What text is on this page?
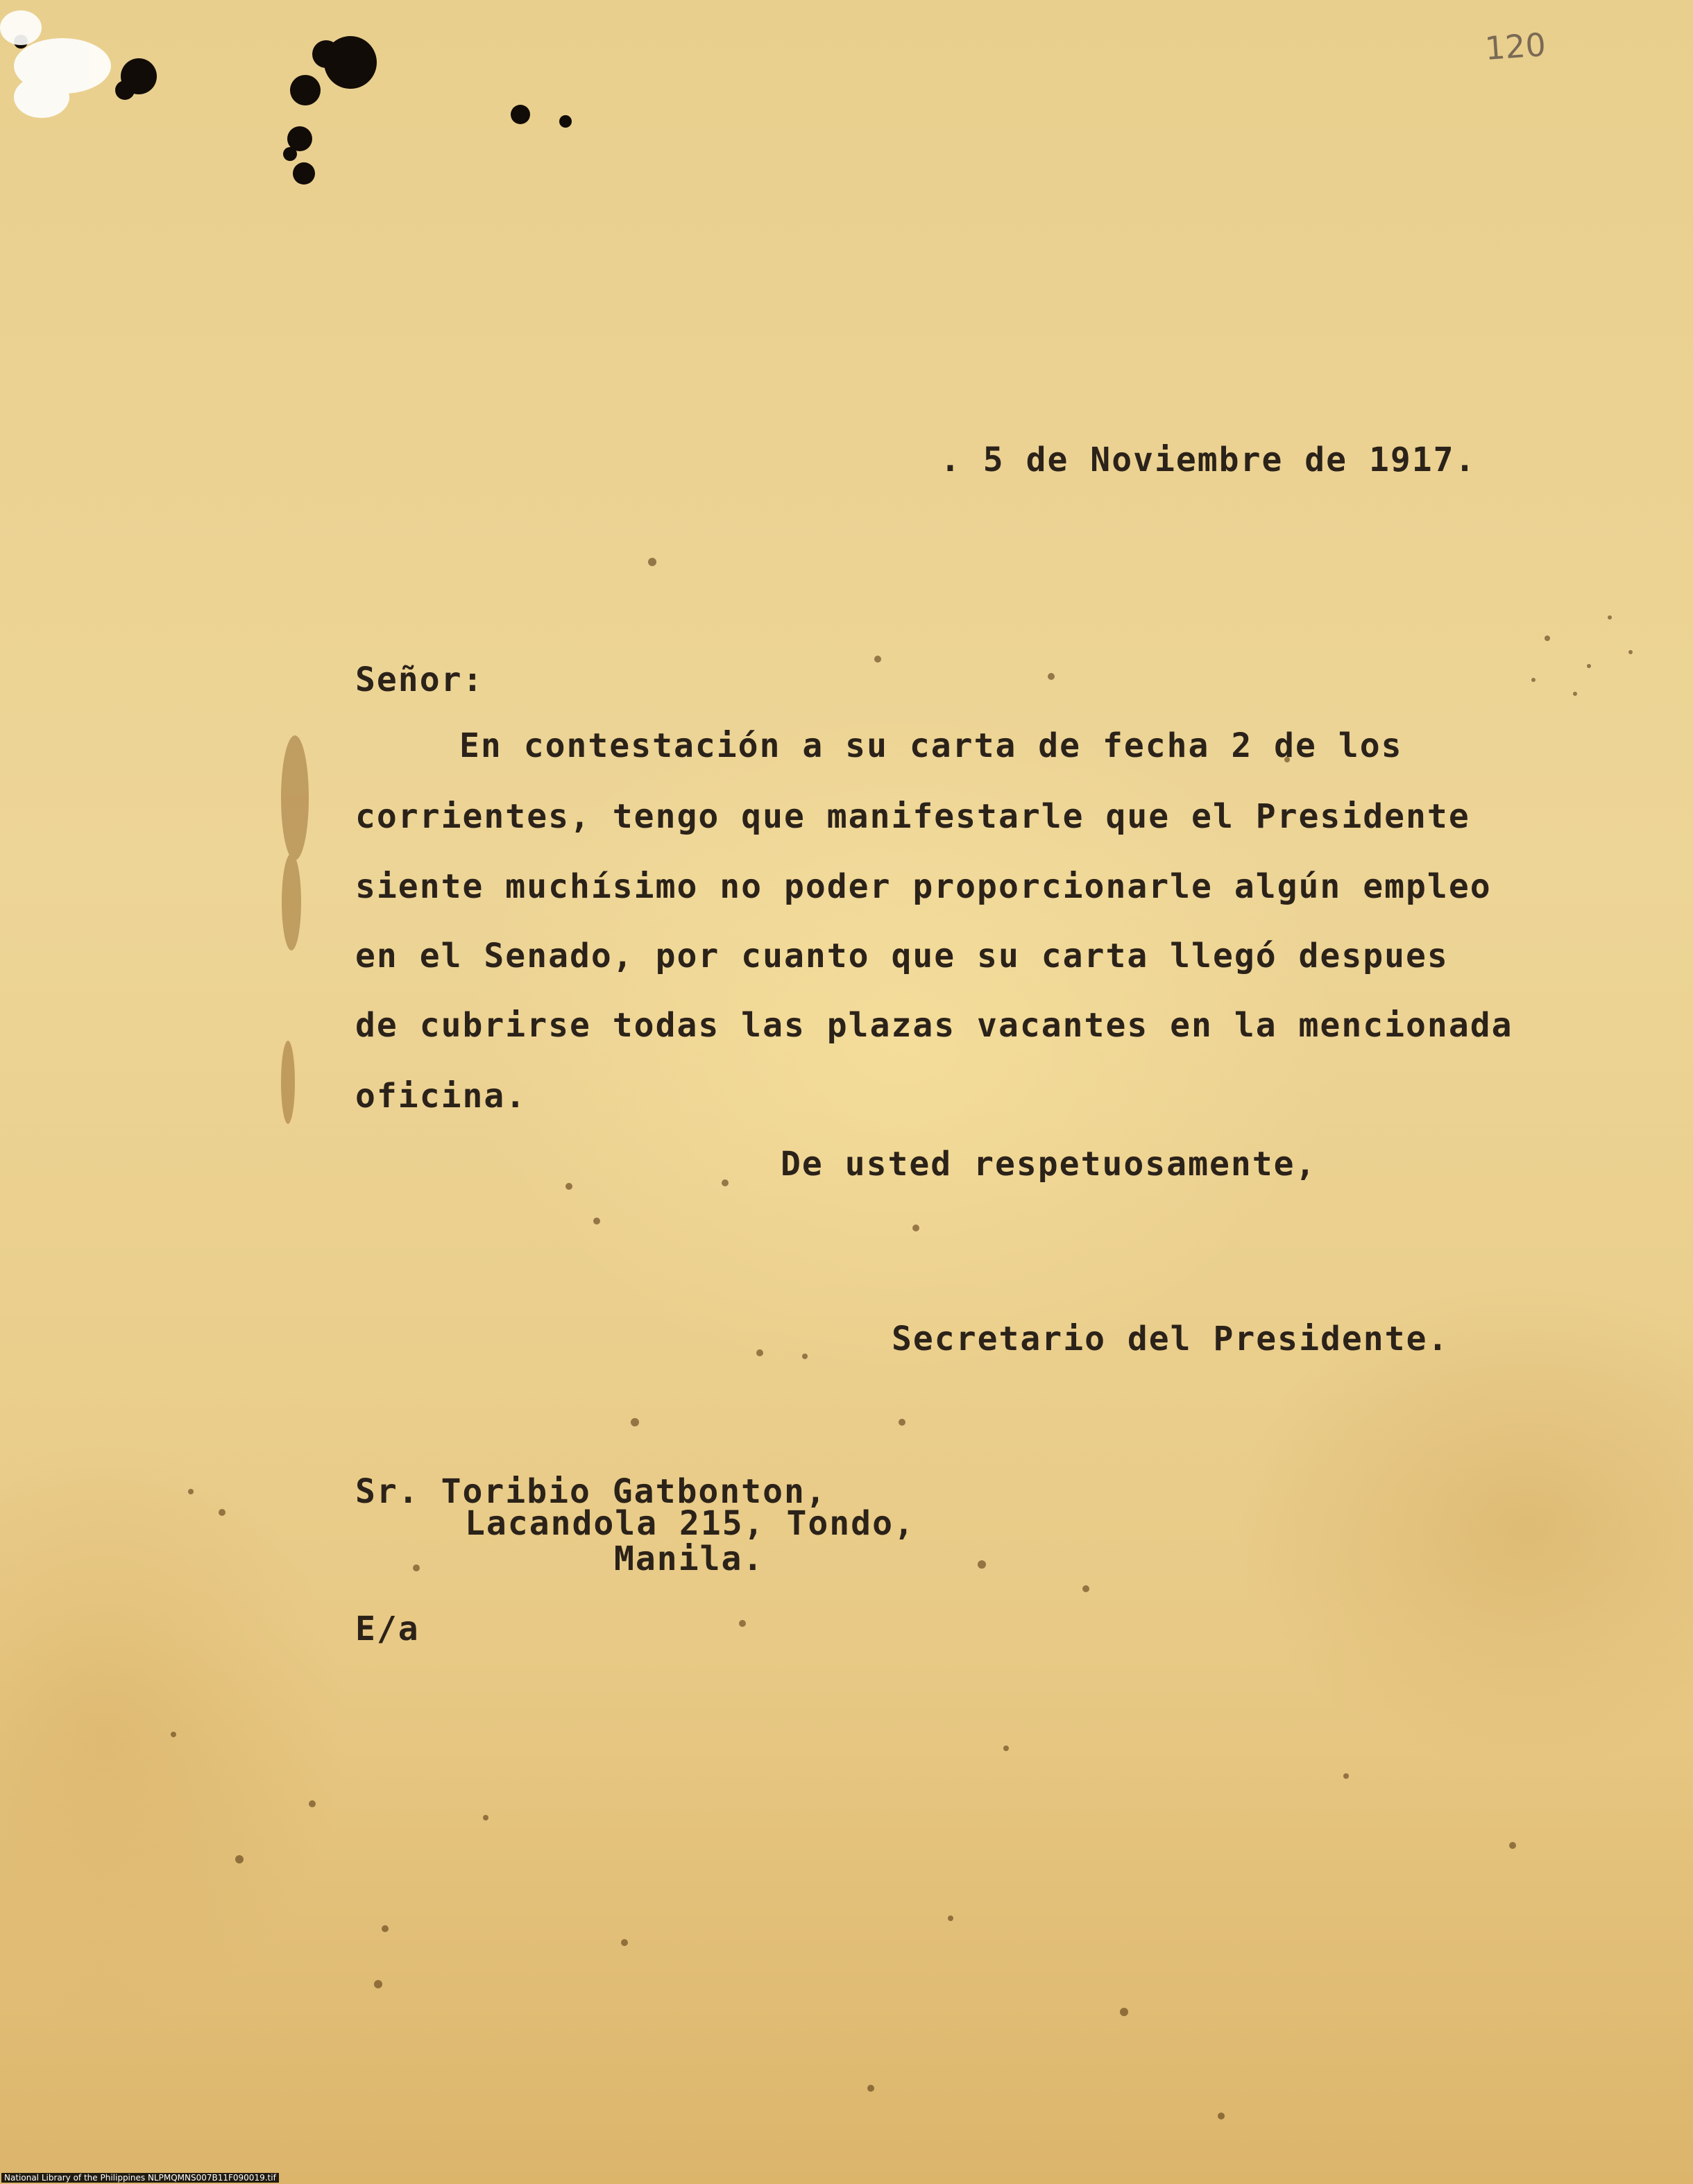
120
. 5 de Noviembre de 1917.
Señor:
En contestación a su carta de fecha 2 de los
corrientes, tengo que manifestarle que el Presidente
siente muchísimo no poder proporcionarle algún empleo
en el Senado, por cuanto que su carta llegó despues
de cubrirse todas las plazas vacantes en la mencionada
oficina.
De usted respetuosamente,
Secretario del Presidente.
Sr. Toribio Gatbonton,
Lacandola 215, Tondo,
Manila.
E/a
National Library of the Philippines NLPMQMNS007B11F090019.tif
